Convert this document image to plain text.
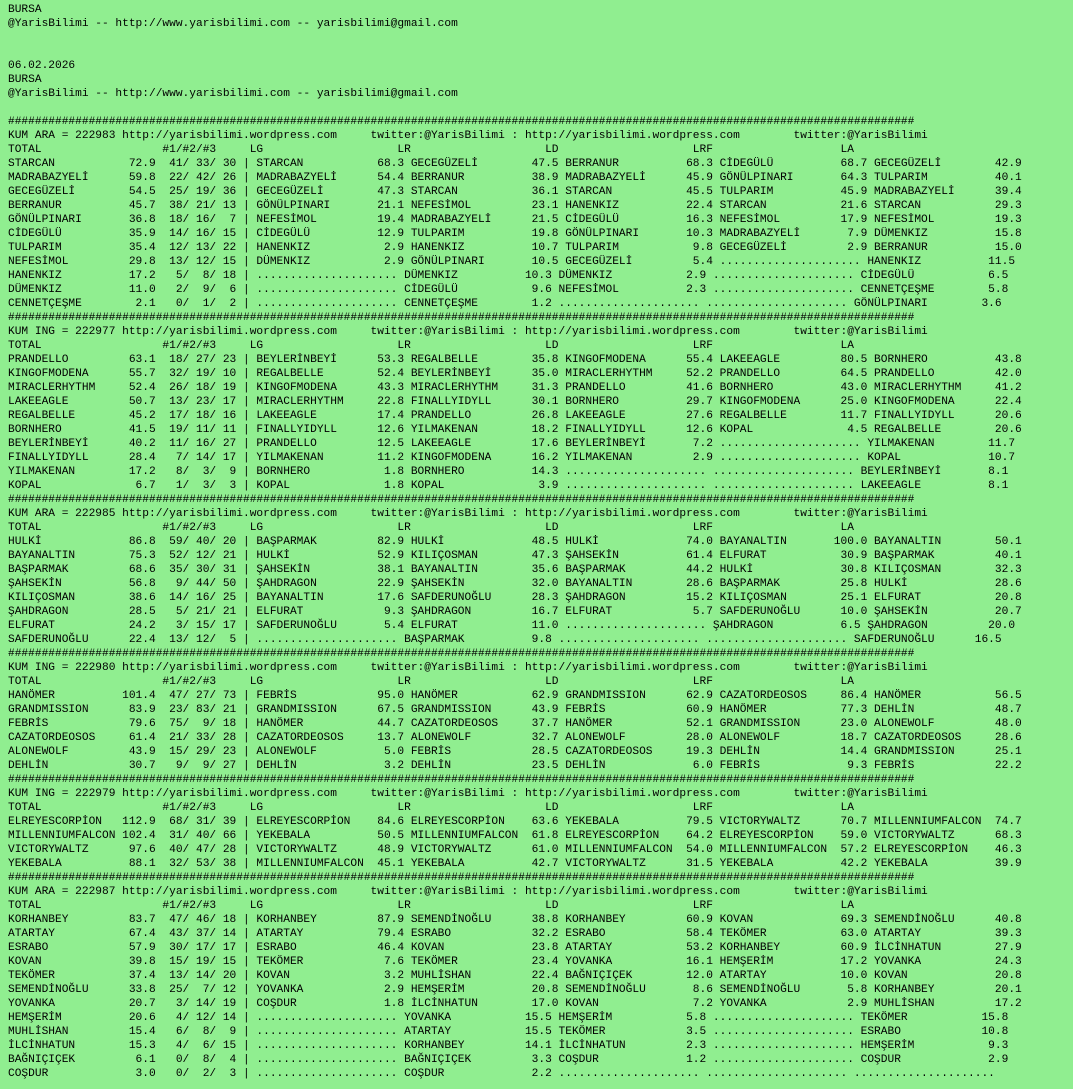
BURSA
@YarisBilimi -- http://www.yarisbilimi.com -- yarisbilimi@gmail.com
06.02.2026
BURSA
@YarisBilimi -- http://www.yarisbilimi.com -- yarisbilimi@gmail.com
#######################################################################################################################################
KUM ARA = 222983 http://yarisbilimi.wordpress.com     twitter:@YarisBilimi : http://yarisbilimi.wordpress.com        twitter:@YarisBilimi
TOTAL                  #1/#2/#3     LG                    LR                    LD                    LRF                   LA
STARCAN           72.9  41/ 33/ 30 | STARCAN           68.3 GECEGÜZELİ        47.5 BERRANUR          68.3 CİDEGÜLÜ          68.7 GECEGÜZELİ        42.9
MADRABAZYELİ      59.8  22/ 42/ 26 | MADRABAZYELİ      54.4 BERRANUR          38.9 MADRABAZYELİ      45.9 GÖNÜLPINARI       64.3 TULPARIM          40.1
GECEGÜZELİ        54.5  25/ 19/ 36 | GECEGÜZELİ        47.3 STARCAN           36.1 STARCAN           45.5 TULPARIM          45.9 MADRABAZYELİ      39.4
BERRANUR          45.7  38/ 21/ 13 | GÖNÜLPINARI       21.1 NEFESİMOL         23.1 HANENKIZ          22.4 STARCAN           21.6 STARCAN           29.3
GÖNÜLPINARI       36.8  18/ 16/  7 | NEFESİMOL         19.4 MADRABAZYELİ      21.5 CİDEGÜLÜ          16.3 NEFESİMOL         17.9 NEFESİMOL         19.3
CİDEGÜLÜ          35.9  14/ 16/ 15 | CİDEGÜLÜ          12.9 TULPARIM          19.8 GÖNÜLPINARI       10.3 MADRABAZYELİ       7.9 DÜMENKIZ          15.8
TULPARIM          35.4  12/ 13/ 22 | HANENKIZ           2.9 HANENKIZ          10.7 TULPARIM           9.8 GECEGÜZELİ         2.9 BERRANUR          15.0
NEFESİMOL         29.8  13/ 12/ 15 | DÜMENKIZ           2.9 GÖNÜLPINARI       10.5 GECEGÜZELİ         5.4 ..................... HANENKIZ          11.5
HANENKIZ          17.2   5/  8/ 18 | ..................... DÜMENKIZ          10.3 DÜMENKIZ           2.9 ..................... CİDEGÜLÜ           6.5
DÜMENKIZ          11.0   2/  9/  6 | ..................... CİDEGÜLÜ           9.6 NEFESİMOL          2.3 ..................... CENNETÇEŞME        5.8
CENNETÇEŞME        2.1   0/  1/  2 | ..................... CENNETÇEŞME        1.2 ..................... ..................... GÖNÜLPINARI        3.6
#######################################################################################################################################
KUM ING = 222977 http://yarisbilimi.wordpress.com     twitter:@YarisBilimi : http://yarisbilimi.wordpress.com        twitter:@YarisBilimi
TOTAL                  #1/#2/#3     LG                    LR                    LD                    LRF                   LA
PRANDELLO         63.1  18/ 27/ 23 | BEYLERİNBEYİ      53.3 REGALBELLE        35.8 KINGOFMODENA      55.4 LAKEEAGLE         80.5 BORNHERO          43.8
KINGOFMODENA      55.7  32/ 19/ 10 | REGALBELLE        52.4 BEYLERİNBEYİ      35.0 MIRACLERHYTHM     52.2 PRANDELLO         64.5 PRANDELLO         42.0
MIRACLERHYTHM     52.4  26/ 18/ 19 | KINGOFMODENA      43.3 MIRACLERHYTHM     31.3 PRANDELLO         41.6 BORNHERO          43.0 MIRACLERHYTHM     41.2
LAKEEAGLE         50.7  13/ 23/ 17 | MIRACLERHYTHM     22.8 FINALLYIDYLL      30.1 BORNHERO          29.7 KINGOFMODENA      25.0 KINGOFMODENA      22.4
REGALBELLE        45.2  17/ 18/ 16 | LAKEEAGLE         17.4 PRANDELLO         26.8 LAKEEAGLE         27.6 REGALBELLE        11.7 FINALLYIDYLL      20.6
BORNHERO          41.5  19/ 11/ 11 | FINALLYIDYLL      12.6 YILMAKENAN        18.2 FINALLYIDYLL      12.6 KOPAL              4.5 REGALBELLE        20.6
BEYLERİNBEYİ      40.2  11/ 16/ 27 | PRANDELLO         12.5 LAKEEAGLE         17.6 BEYLERİNBEYİ       7.2 ..................... YILMAKENAN        11.7
FINALLYIDYLL      28.4   7/ 14/ 17 | YILMAKENAN        11.2 KINGOFMODENA      16.2 YILMAKENAN         2.9 ..................... KOPAL             10.7
YILMAKENAN        17.2   8/  3/  9 | BORNHERO           1.8 BORNHERO          14.3 ..................... ..................... BEYLERİNBEYİ       8.1
KOPAL              6.7   1/  3/  3 | KOPAL              1.8 KOPAL              3.9 ..................... ..................... LAKEEAGLE          8.1
#######################################################################################################################################
KUM ARA = 222985 http://yarisbilimi.wordpress.com     twitter:@YarisBilimi : http://yarisbilimi.wordpress.com        twitter:@YarisBilimi
TOTAL                  #1/#2/#3     LG                    LR                    LD                    LRF                   LA
HULKİ             86.8  59/ 40/ 20 | BAŞPARMAK         82.9 HULKİ             48.5 HULKİ             74.0 BAYANALTIN       100.0 BAYANALTIN        50.1
BAYANALTIN        75.3  52/ 12/ 21 | HULKİ             52.9 KILIÇOSMAN        47.3 ŞAHSEKİN          61.4 ELFURAT           30.9 BAŞPARMAK         40.1
BAŞPARMAK         68.6  35/ 30/ 31 | ŞAHSEKİN          38.1 BAYANALTIN        35.6 BAŞPARMAK         44.2 HULKİ             30.8 KILIÇOSMAN        32.3
ŞAHSEKİN          56.8   9/ 44/ 50 | ŞAHDRAGON         22.9 ŞAHSEKİN          32.0 BAYANALTIN        28.6 BAŞPARMAK         25.8 HULKİ             28.6
KILIÇOSMAN        38.6  14/ 16/ 25 | BAYANALTIN        17.6 SAFDERUNOĞLU      28.3 ŞAHDRAGON         15.2 KILIÇOSMAN        25.1 ELFURAT           20.8
ŞAHDRAGON         28.5   5/ 21/ 21 | ELFURAT            9.3 ŞAHDRAGON         16.7 ELFURAT            5.7 SAFDERUNOĞLU      10.0 ŞAHSEKİN          20.7
ELFURAT           24.2   3/ 15/ 17 | SAFDERUNOĞLU       5.4 ELFURAT           11.0 ..................... ŞAHDRAGON          6.5 ŞAHDRAGON         20.0
SAFDERUNOĞLU      22.4  13/ 12/  5 | ..................... BAŞPARMAK          9.8 ..................... ..................... SAFDERUNOĞLU      16.5
#######################################################################################################################################
KUM ING = 222980 http://yarisbilimi.wordpress.com     twitter:@YarisBilimi : http://yarisbilimi.wordpress.com        twitter:@YarisBilimi
TOTAL                  #1/#2/#3     LG                    LR                    LD                    LRF                   LA
HANÖMER          101.4  47/ 27/ 73 | FEBRİS            95.0 HANÖMER           62.9 GRANDMISSION      62.9 CAZATORDEOSOS     86.4 HANÖMER           56.5
GRANDMISSION      83.9  23/ 83/ 21 | GRANDMISSION      67.5 GRANDMISSION      43.9 FEBRİS            60.9 HANÖMER           77.3 DEHLİN            48.7
FEBRİS            79.6  75/  9/ 18 | HANÖMER           44.7 CAZATORDEOSOS     37.7 HANÖMER           52.1 GRANDMISSION      23.0 ALONEWOLF         48.0
CAZATORDEOSOS     61.4  21/ 33/ 28 | CAZATORDEOSOS     13.7 ALONEWOLF         32.7 ALONEWOLF         28.0 ALONEWOLF         18.7 CAZATORDEOSOS     28.6
ALONEWOLF         43.9  15/ 29/ 23 | ALONEWOLF          5.0 FEBRİS            28.5 CAZATORDEOSOS     19.3 DEHLİN            14.4 GRANDMISSION      25.1
DEHLİN            30.7   9/  9/ 27 | DEHLİN             3.2 DEHLİN            23.5 DEHLİN             6.0 FEBRİS             9.3 FEBRİS            22.2
#######################################################################################################################################
KUM ING = 222979 http://yarisbilimi.wordpress.com     twitter:@YarisBilimi : http://yarisbilimi.wordpress.com        twitter:@YarisBilimi
TOTAL                  #1/#2/#3     LG                    LR                    LD                    LRF                   LA
ELREYESCORPİON   112.9  68/ 31/ 39 | ELREYESCORPİON    84.6 ELREYESCORPİON    63.6 YEKEBALA          79.5 VICTORYWALTZ      70.7 MILLENNIUMFALCON  74.7
MILLENNIUMFALCON 102.4  31/ 40/ 66 | YEKEBALA          50.5 MILLENNIUMFALCON  61.8 ELREYESCORPİON    64.2 ELREYESCORPİON    59.0 VICTORYWALTZ      68.3
VICTORYWALTZ      97.6  40/ 47/ 28 | VICTORYWALTZ      48.9 VICTORYWALTZ      61.0 MILLENNIUMFALCON  54.0 MILLENNIUMFALCON  57.2 ELREYESCORPİON    46.3
YEKEBALA          88.1  32/ 53/ 38 | MILLENNIUMFALCON  45.1 YEKEBALA          42.7 VICTORYWALTZ      31.5 YEKEBALA          42.2 YEKEBALA          39.9
#######################################################################################################################################
KUM ARA = 222987 http://yarisbilimi.wordpress.com     twitter:@YarisBilimi : http://yarisbilimi.wordpress.com        twitter:@YarisBilimi
TOTAL                  #1/#2/#3     LG                    LR                    LD                    LRF                   LA
KORHANBEY         83.7  47/ 46/ 18 | KORHANBEY         87.9 SEMENDİNOĞLU      38.8 KORHANBEY         60.9 KOVAN             69.3 SEMENDİNOĞLU      40.8
ATARTAY           67.4  43/ 37/ 14 | ATARTAY           79.4 ESRABO            32.2 ESRABO            58.4 TEKÖMER           63.0 ATARTAY           39.3
ESRABO            57.9  30/ 17/ 17 | ESRABO            46.4 KOVAN             23.8 ATARTAY           53.2 KORHANBEY         60.9 İLCİNHATUN        27.9
KOVAN             39.8  15/ 19/ 15 | TEKÖMER            7.6 TEKÖMER           23.4 YOVANKA           16.1 HEMŞERİM          17.2 YOVANKA           24.3
TEKÖMER           37.4  13/ 14/ 20 | KOVAN              3.2 MUHLİSHAN         22.4 BAĞNIÇIÇEK        12.0 ATARTAY           10.0 KOVAN             20.8
SEMENDİNOĞLU      33.8  25/  7/ 12 | YOVANKA            2.9 HEMŞERİM          20.8 SEMENDİNOĞLU       8.6 SEMENDİNOĞLU       5.8 KORHANBEY         20.1
YOVANKA           20.7   3/ 14/ 19 | COŞDUR             1.8 İLCİNHATUN        17.0 KOVAN              7.2 YOVANKA            2.9 MUHLİSHAN         17.2
HEMŞERİM          20.6   4/ 12/ 14 | ..................... YOVANKA           15.5 HEMŞERİM           5.8 ..................... TEKÖMER           15.8
MUHLİSHAN         15.4   6/  8/  9 | ..................... ATARTAY           15.5 TEKÖMER            3.5 ..................... ESRABO            10.8
İLCİNHATUN        15.3   4/  6/ 15 | ..................... KORHANBEY         14.1 İLCİNHATUN         2.3 ..................... HEMŞERİM           9.3
BAĞNIÇIÇEK         6.1   0/  8/  4 | ..................... BAĞNIÇIÇEK         3.3 COŞDUR             1.2 ..................... COŞDUR             2.9
COŞDUR             3.0   0/  2/  3 | ..................... COŞDUR             2.2 ..................... ..................... .....................
